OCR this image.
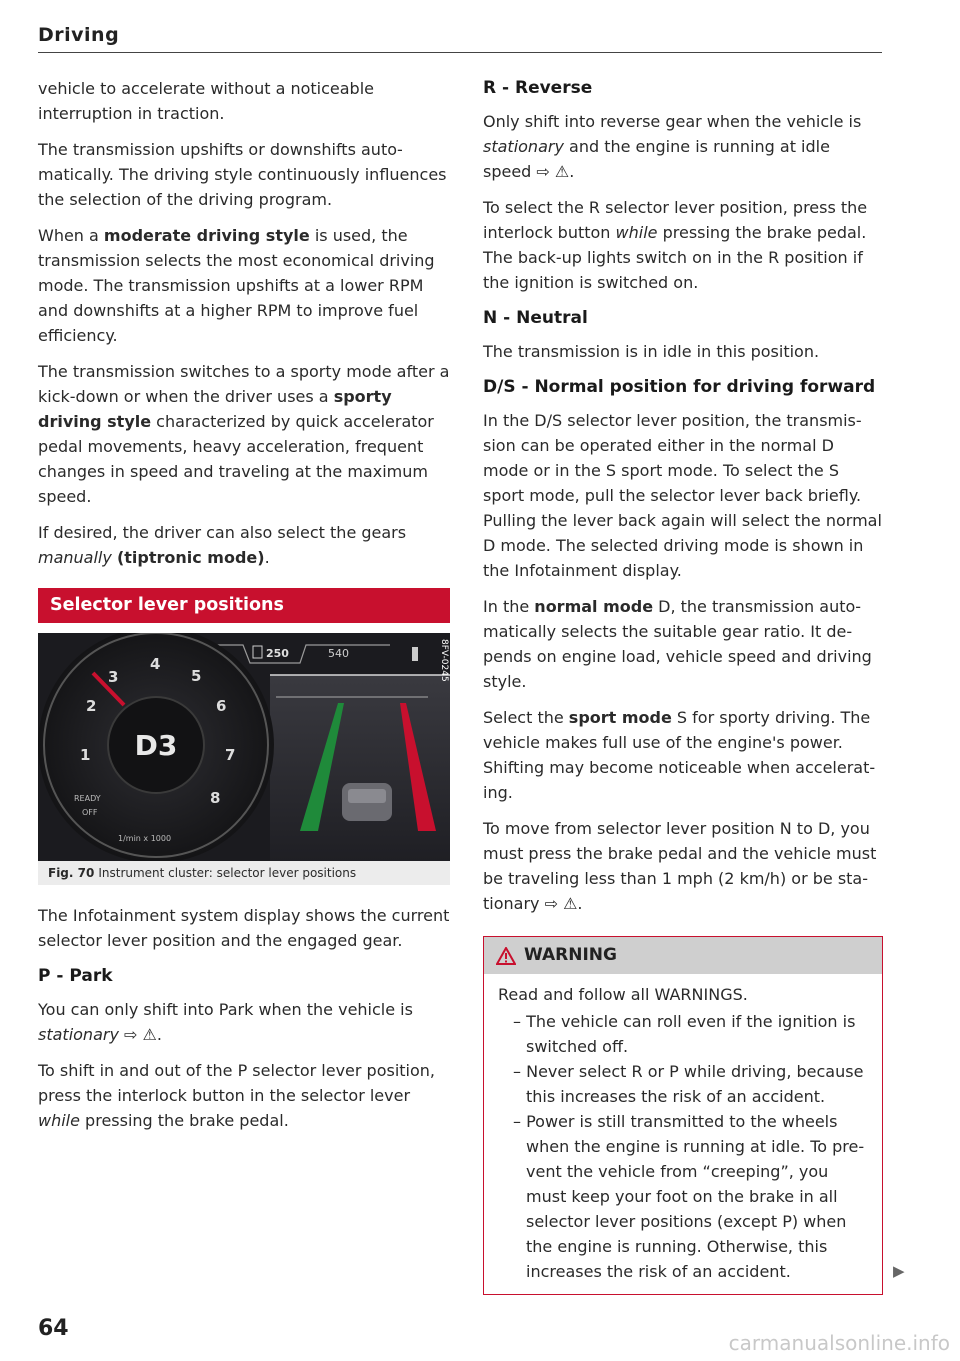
Driving

vehicle to accelerate without a noticeable interruption in traction.

The transmission upshifts or downshifts automatically. The driving style continuously influences the selection of the driving program.

When a moderate driving style is used, the transmission selects the most economical driving mode. The transmission upshifts at a lower RPM and downshifts at a higher RPM to improve fuel efficiency.

The transmission switches to a sporty mode after a kick-down or when the driver uses a sporty driving style characterized by quick accelerator pedal movements, heavy acceleration, frequent changes in speed and traveling at the maximum speed.

If desired, the driver can also select the gears manually (tiptronic mode).

Selector lever positions
D3
1
2
3
4
5
6
7
8
READY
OFF
1/min x 1000
250	540	8FV-0245
Fig. 70 Instrument cluster: selector lever positions

The Infotainment system display shows the current selector lever position and the engaged gear.

P - Park

You can only shift into Park when the vehicle is stationary ⇨ ⚠.

To shift in and out of the P selector lever position, press the interlock button in the selector lever while pressing the brake pedal.

R - Reverse

Only shift into reverse gear when the vehicle is stationary and the engine is running at idle speed ⇨ ⚠.

To select the R selector lever position, press the interlock button while pressing the brake pedal. The back-up lights switch on in the R position if the ignition is switched on.

N - Neutral

The transmission is in idle in this position.

D/S - Normal position for driving forward

In the D/S selector lever position, the transmission can be operated either in the normal D mode or in the S sport mode. To select the S sport mode, pull the selector lever back briefly. Pulling the lever back again will select the normal D mode. The selected driving mode is shown in the Infotainment display.

In the normal mode D, the transmission automatically selects the suitable gear ratio. It depends on engine load, vehicle speed and driving style.

Select the sport mode S for sporty driving. The vehicle makes full use of the engine's power. Shifting may become noticeable when accelerating.

To move from selector lever position N to D, you must press the brake pedal and the vehicle must be traveling less than 1 mph (2 km/h) or be stationary ⇨ ⚠.

WARNING
Read and follow all WARNINGS.
– The vehicle can roll even if the ignition is switched off.
– Never select R or P while driving, because this increases the risk of an accident.
– Power is still transmitted to the wheels when the engine is running at idle. To prevent the vehicle from “creeping”, you must keep your foot on the brake in all selector lever positions (except P) when the engine is running. Otherwise, this increases the risk of an accident.	▶
64
carmanualsonline.info
